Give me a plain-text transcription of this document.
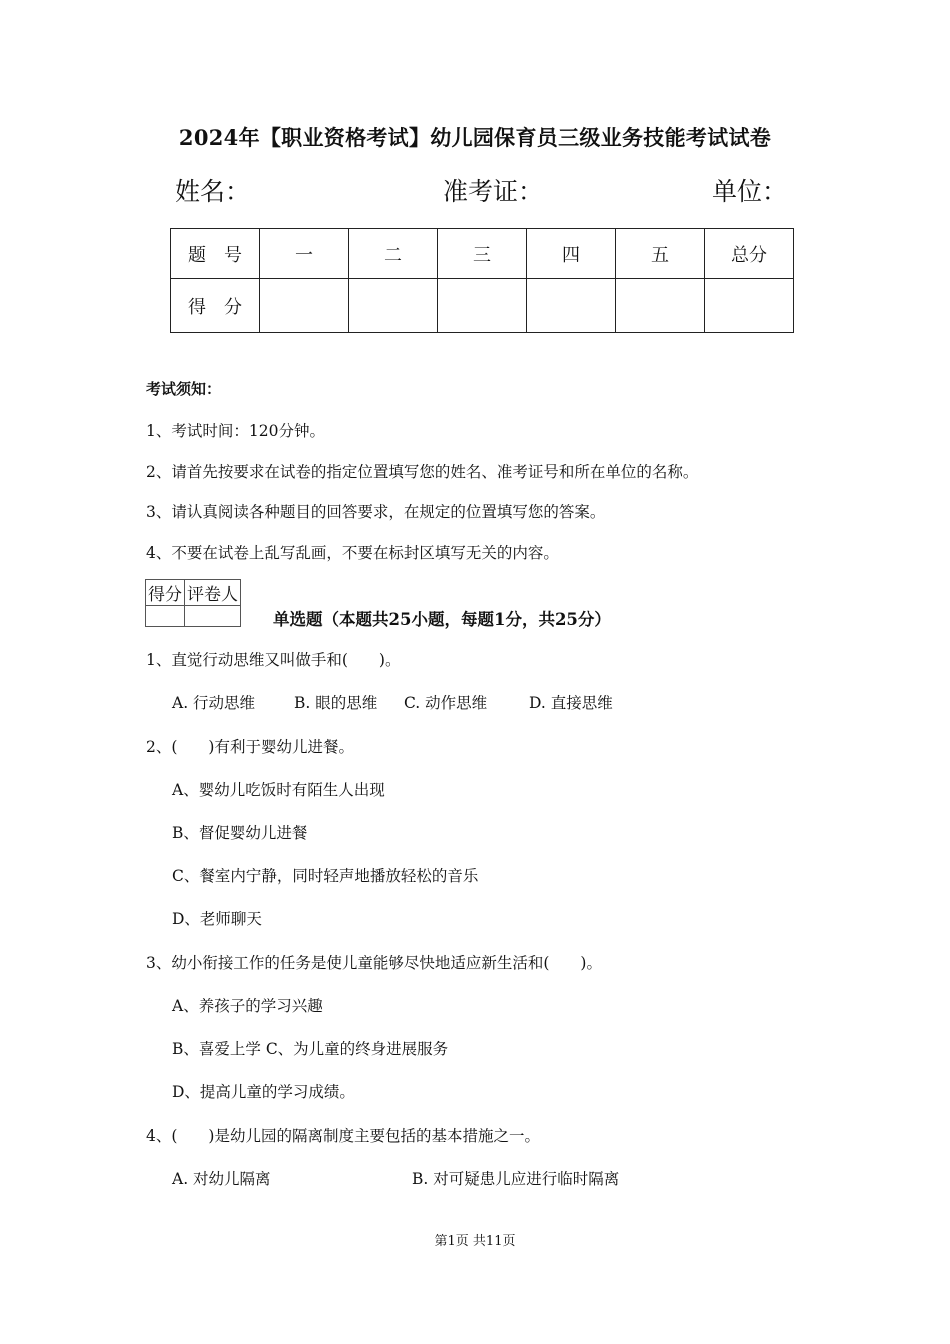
2024年【职业资格考试】幼儿园保育员三级业务技能考试试卷
姓名：	准考证：	单位：
题　号	一	二	三	四	五	总分
得　分						
考试须知：
1、考试时间：120分钟。
2、请首先按要求在试卷的指定位置填写您的姓名、准考证号和所在单位的名称。
3、请认真阅读各种题目的回答要求，在规定的位置填写您的答案。
4、不要在试卷上乱写乱画，不要在标封区填写无关的内容。
得分	评卷人

单选题（本题共25小题，每题1分，共25分）
1、直觉行动思维又叫做手和(　　)。
A. 行动思维	B. 眼的思维 C. 动作思维	D. 直接思维
2、(　　)有利于婴幼儿进餐。
A、婴幼儿吃饭时有陌生人出现
B、督促婴幼儿进餐
C、餐室内宁静，同时轻声地播放轻松的音乐
D、老师聊天
3、幼小衔接工作的任务是使儿童能够尽快地适应新生活和(　　)。
A、养孩子的学习兴趣
B、喜爱上学 C、为儿童的终身进展服务
D、提高儿童的学习成绩。
4、(　　)是幼儿园的隔离制度主要包括的基本措施之一。
A. 对幼儿隔离	B. 对可疑患儿应进行临时隔离
第1页 共11页
